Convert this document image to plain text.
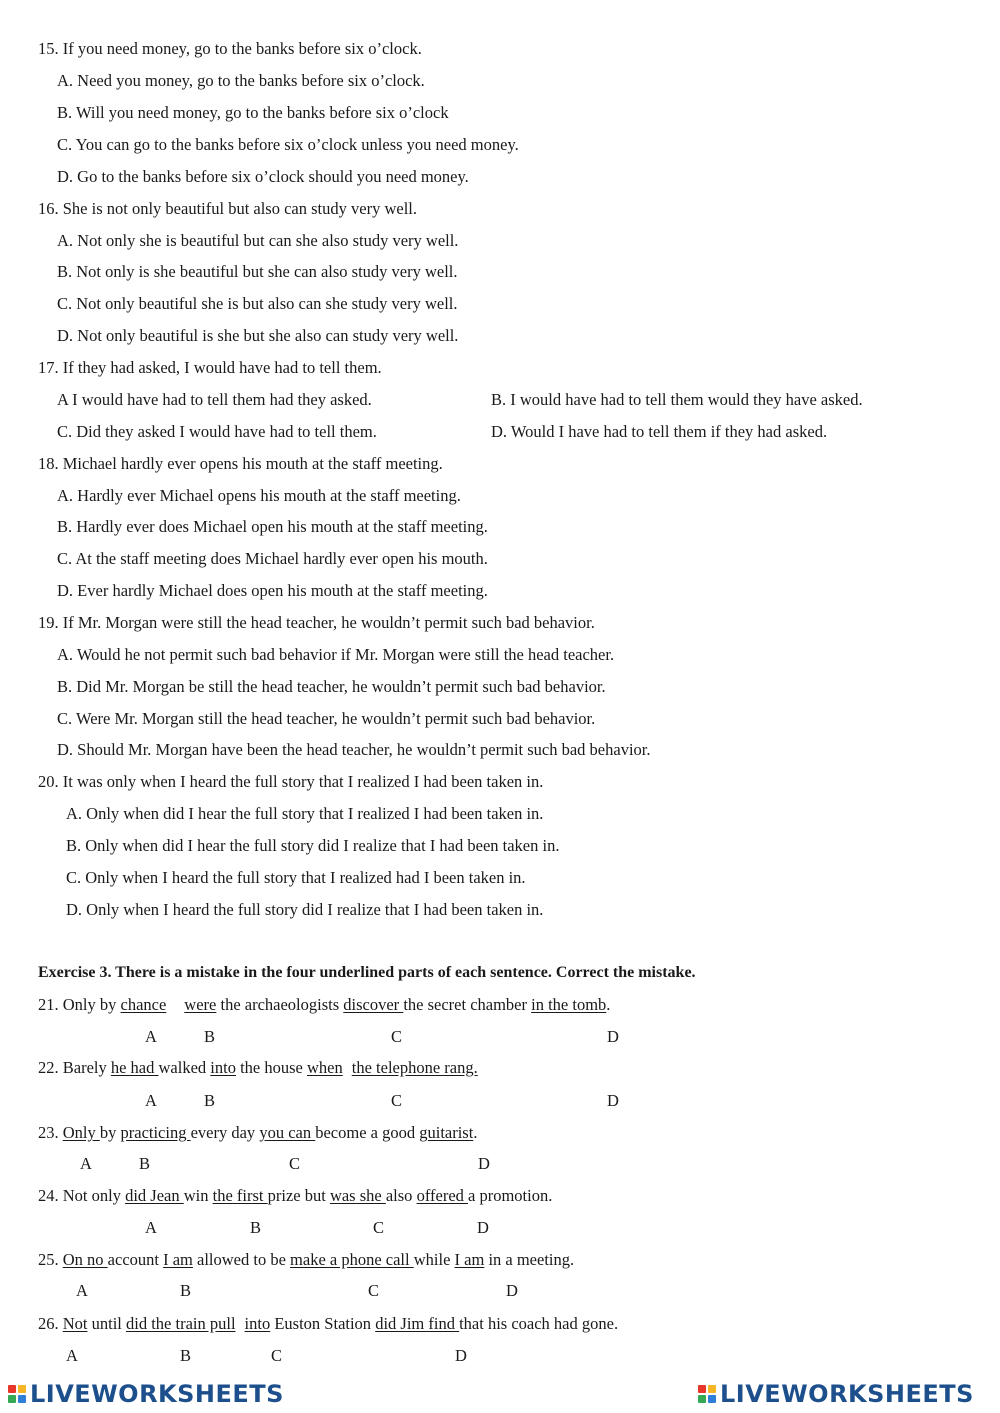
15. If you need money, go to the banks before six o’clock.
A. Need you money, go to the banks before six o’clock.
B. Will you need money, go to the banks before six o’clock
C. You can go to the banks before six o’clock unless you need money.
D. Go to the banks before six o’clock should you need money.
16. She is not only beautiful but also can study very well.
A. Not only she is beautiful but can she also study very well.
B. Not only is she beautiful but she can also study very well.
C. Not only beautiful she is but also can she study very well.
D. Not only beautiful is she but she also can study very well.
17. If they had asked, I would have had to tell them.
A I would have had to tell them had they asked.	B. I would have had to tell them would they have asked.
C. Did they asked I would have had to tell them.	D. Would I have had to tell them if they had asked.
18. Michael hardly ever opens his mouth at the staff meeting.
A. Hardly ever Michael opens his mouth at the staff meeting.
B. Hardly ever does Michael open his mouth at the staff meeting.
C. At the staff meeting does Michael hardly ever open his mouth.
D. Ever hardly Michael does open his mouth at the staff meeting.
19. If Mr. Morgan were still the head teacher, he wouldn’t permit such bad behavior.
A. Would he not permit such bad behavior if Mr. Morgan were still the head teacher.
B. Did Mr. Morgan be still the head teacher, he wouldn’t permit such bad behavior.
C. Were Mr. Morgan still the head teacher, he wouldn’t permit such bad behavior.
D. Should Mr. Morgan have been the head teacher, he wouldn’t permit such bad behavior.
20. It was only when I heard the full story that I realized I had been taken in.
A. Only when did I hear the full story that I realized I had been taken in.
B. Only when did I hear the full story did I realize that I had been taken in.
C. Only when I heard the full story that I realized had I been taken in.
D. Only when I heard the full story did I realize that I had been taken in.
Exercise 3. There is a mistake in the four underlined parts of each sentence. Correct the mistake.
21. Only by chance were the archaeologists discover the secret chamber in the tomb.
A	B	C	D
22. Barely he had walked into the house when the telephone rang.
A	B	C	D
23. Only by practicing every day you can become a good guitarist.
A	B	C	D
24. Not only did Jean win the first prize but was she also offered a promotion.
A	B	C	D
25. On no account I am allowed to be make a phone call while I am in a meeting.
A	B	C	D
26. Not until did the train pull into Euston Station did Jim find that his coach had gone.
A	B	C	D
LIVEWORKSHEETS	LIVEWORKSHEETS
